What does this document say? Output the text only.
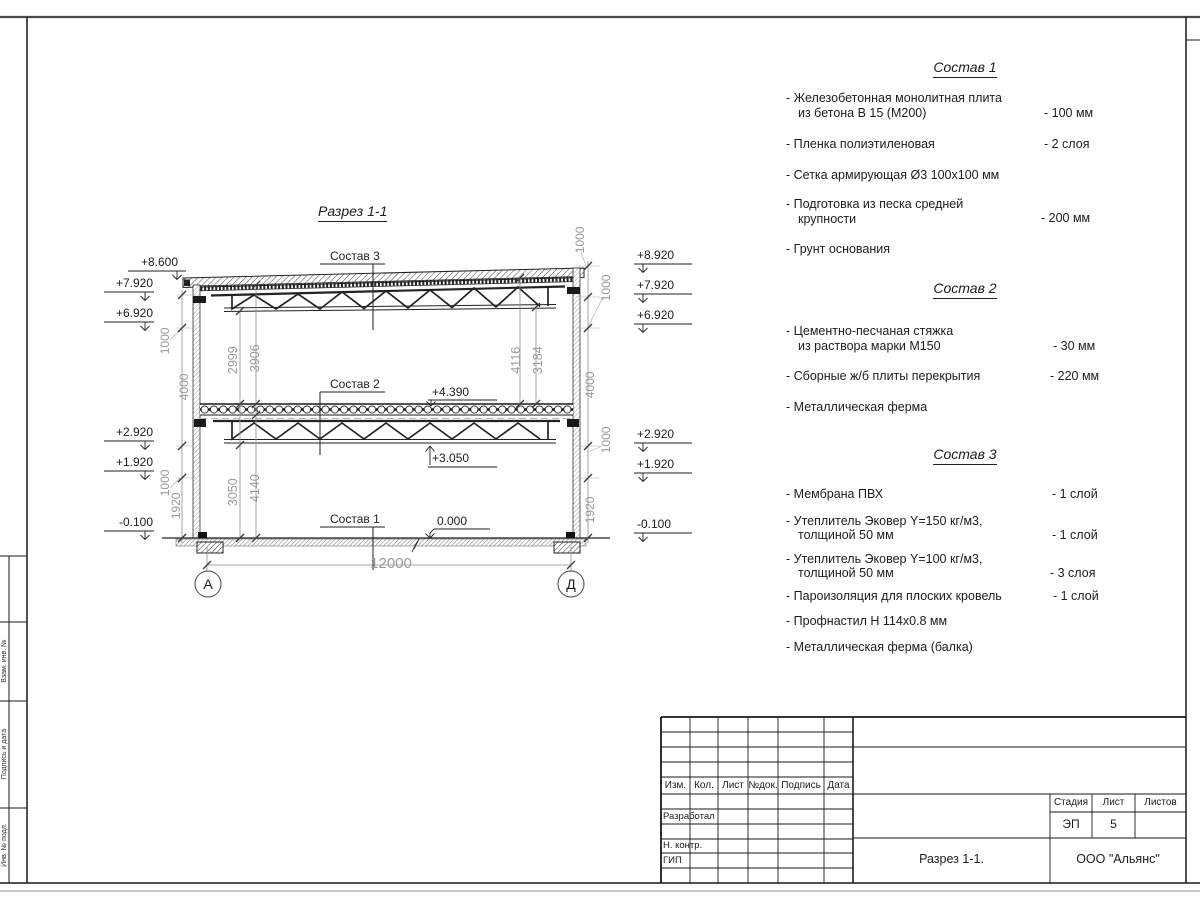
Разрез 1-1
Состав 3
Состав 2
Состав 1
+4.390
+3.050
0.000
+8.600
+7.920
+6.920
+2.920
+1.920
-0.100
+8.920
+7.920
+6.920
+2.920
+1.920
-0.100
1000
4000
1000
1920
1000
1000
4000
1000
1920
2999 3906	4116 3184
3050 4140
12000
А	Д
Состав 1
- Железобетонная монолитная плита
из бетона В 15 (М200)	- 100 мм
- Пленка полиэтиленовая	- 2 слоя
- Сетка армирующая Ø3 100х100 мм
- Подготовка из песка средней
крупности	- 200 мм
- Грунт основания
Состав 2
- Цементно-песчаная стяжка
из раствора марки М150	- 30 мм
- Сборные ж/б плиты перекрытия	- 220 мм
- Металлическая ферма
Состав 3
- Мембрана ПВХ	- 1 слой
- Утеплитель Эковер Y=150 кг/м3,
толщиной 50 мм	- 1 слой
- Утеплитель Эковер Y=100 кг/м3,
толщиной 50 мм	- 3 слоя
- Пароизоляция для плоских кровель	- 1 слой
- Профнастил Н 114х0.8 мм
- Металлическая ферма (балка)
Изм. Кол. Лист №док. Подпись Дата
Разработал
Н. контр.
ГИП
Стадия	Лист	Листов
ЭП	5
Разрез 1-1.	ООО "Альянс"
Взам. инв. №
Подпись и дата
Инв. № подл.
